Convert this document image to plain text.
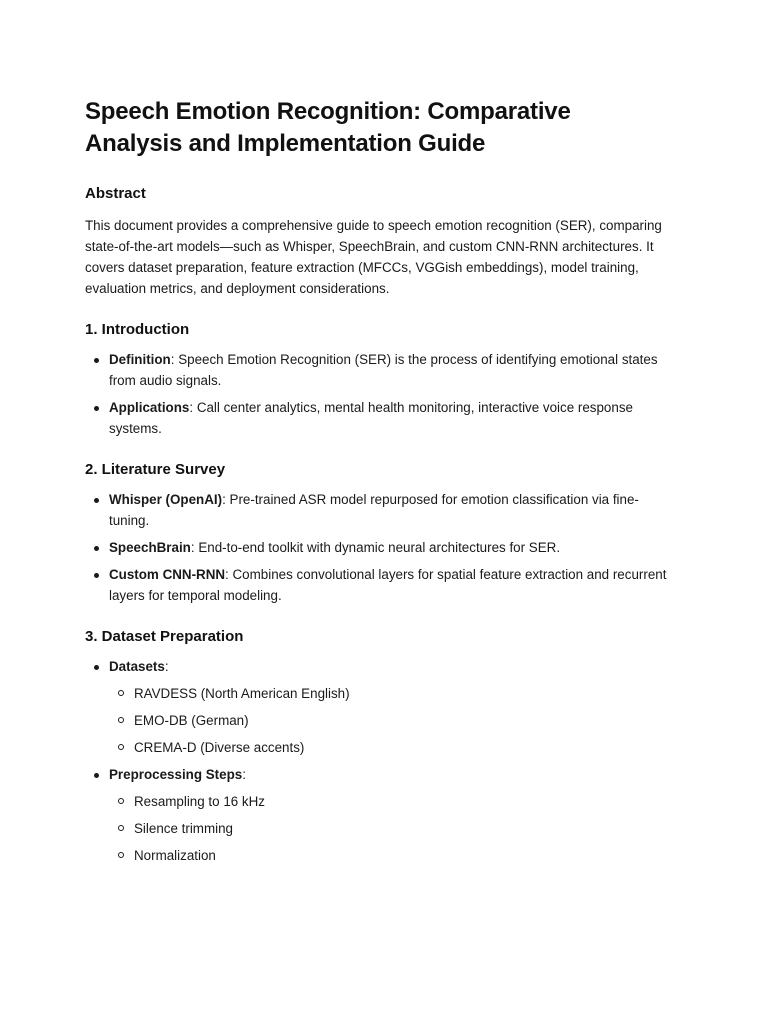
Speech Emotion Recognition: Comparative Analysis and Implementation Guide
Abstract

This document provides a comprehensive guide to speech emotion recognition (SER), comparing state-of-the-art models—such as Whisper, SpeechBrain, and custom CNN-RNN architectures. It covers dataset preparation, feature extraction (MFCCs, VGGish embeddings), model training, evaluation metrics, and deployment considerations.

1. Introduction
Definition: Speech Emotion Recognition (SER) is the process of identifying emotional states from audio signals.
Applications: Call center analytics, mental health monitoring, interactive voice response systems.
2. Literature Survey
Whisper (OpenAI): Pre-trained ASR model repurposed for emotion classification via fine-tuning.
SpeechBrain: End-to-end toolkit with dynamic neural architectures for SER.
Custom CNN-RNN: Combines convolutional layers for spatial feature extraction and recurrent layers for temporal modeling.
3. Dataset Preparation
Datasets:
RAVDESS (North American English)
EMO-DB (German)
CREMA-D (Diverse accents)
Preprocessing Steps:
Resampling to 16 kHz
Silence trimming
Normalization
